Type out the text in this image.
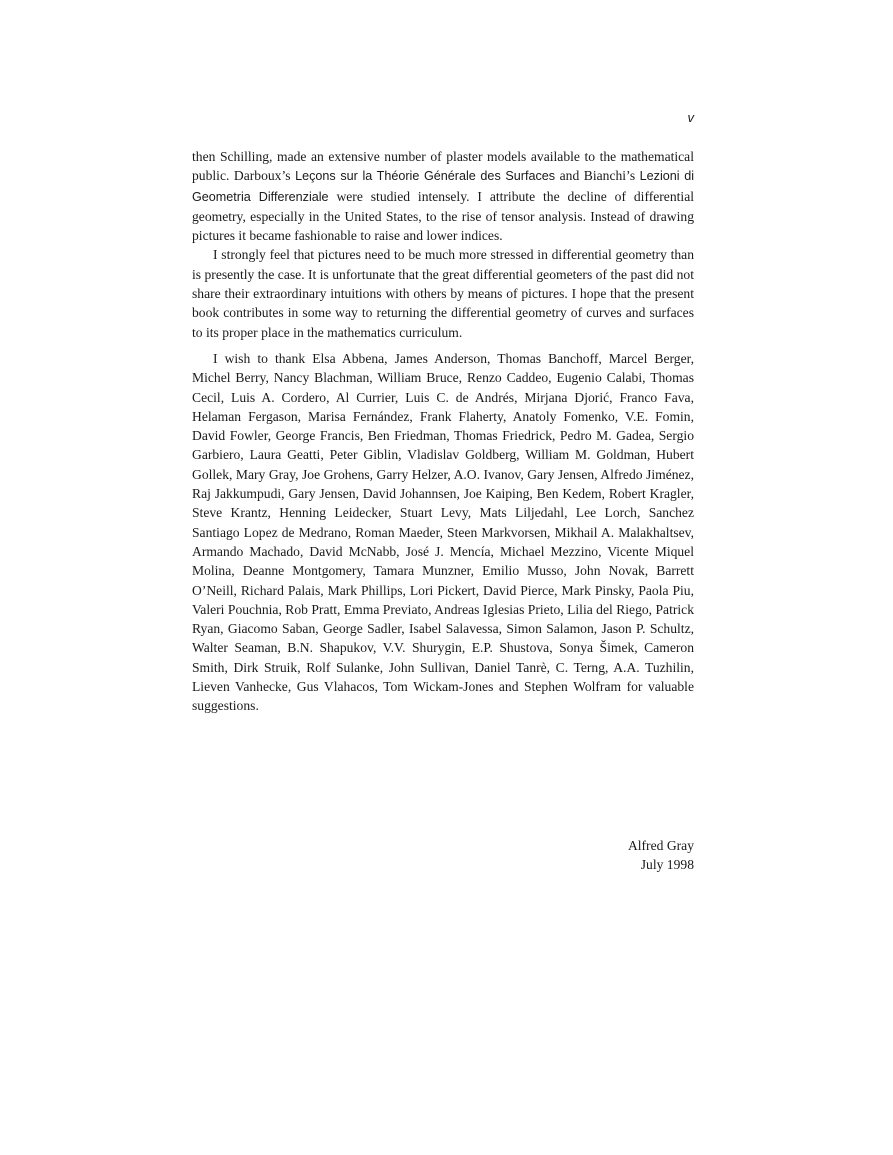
v

then Schilling, made an extensive number of plaster models available to the mathematical public. Darboux’s Leçons sur la Théorie Générale des Surfaces and Bianchi’s Lezioni di Geometria Differenziale were studied intensely. I attribute the decline of differential geometry, especially in the United States, to the rise of tensor analysis. Instead of drawing pictures it became fashionable to raise and lower indices.

I strongly feel that pictures need to be much more stressed in differential geometry than is presently the case. It is unfortunate that the great differential geometers of the past did not share their extraordinary intuitions with others by means of pictures. I hope that the present book contributes in some way to returning the differential geometry of curves and surfaces to its proper place in the mathematics curriculum.

I wish to thank Elsa Abbena, James Anderson, Thomas Banchoff, Marcel Berger, Michel Berry, Nancy Blachman, William Bruce, Renzo Caddeo, Eugenio Calabi, Thomas Cecil, Luis A. Cordero, Al Currier, Luis C. de Andrés, Mirjana Djorić, Franco Fava, Helaman Fergason, Marisa Fernández, Frank Flaherty, Anatoly Fomenko, V.E. Fomin, David Fowler, George Francis, Ben Friedman, Thomas Friedrick, Pedro M. Gadea, Sergio Garbiero, Laura Geatti, Peter Giblin, Vladislav Goldberg, William M. Goldman, Hubert Gollek, Mary Gray, Joe Grohens, Garry Helzer, A.O. Ivanov, Gary Jensen, Alfredo Jiménez, Raj Jakkumpudi, Gary Jensen, David Johannsen, Joe Kaiping, Ben Kedem, Robert Kragler, Steve Krantz, Henning Leidecker, Stuart Levy, Mats Liljedahl, Lee Lorch, Sanchez Santiago Lopez de Medrano, Roman Maeder, Steen Markvorsen, Mikhail A. Malakhaltsev, Armando Machado, David McNabb, José J. Mencía, Michael Mezzino, Vicente Miquel Molina, Deanne Montgomery, Tamara Munzner, Emilio Musso, John Novak, Barrett O’Neill, Richard Palais, Mark Phillips, Lori Pickert, David Pierce, Mark Pinsky, Paola Piu, Valeri Pouchnia, Rob Pratt, Emma Previato, Andreas Iglesias Prieto, Lilia del Riego, Patrick Ryan, Giacomo Saban, George Sadler, Isabel Salavessa, Simon Salamon, Jason P. Schultz, Walter Seaman, B.N. Shapukov, V.V. Shurygin, E.P. Shustova, Sonya Šimek, Cameron Smith, Dirk Struik, Rolf Sulanke, John Sullivan, Daniel Tanrè, C. Terng, A.A. Tuzhilin, Lieven Vanhecke, Gus Vlahacos, Tom Wickam-Jones and Stephen Wolfram for valuable suggestions.

Alfred Gray
July 1998
